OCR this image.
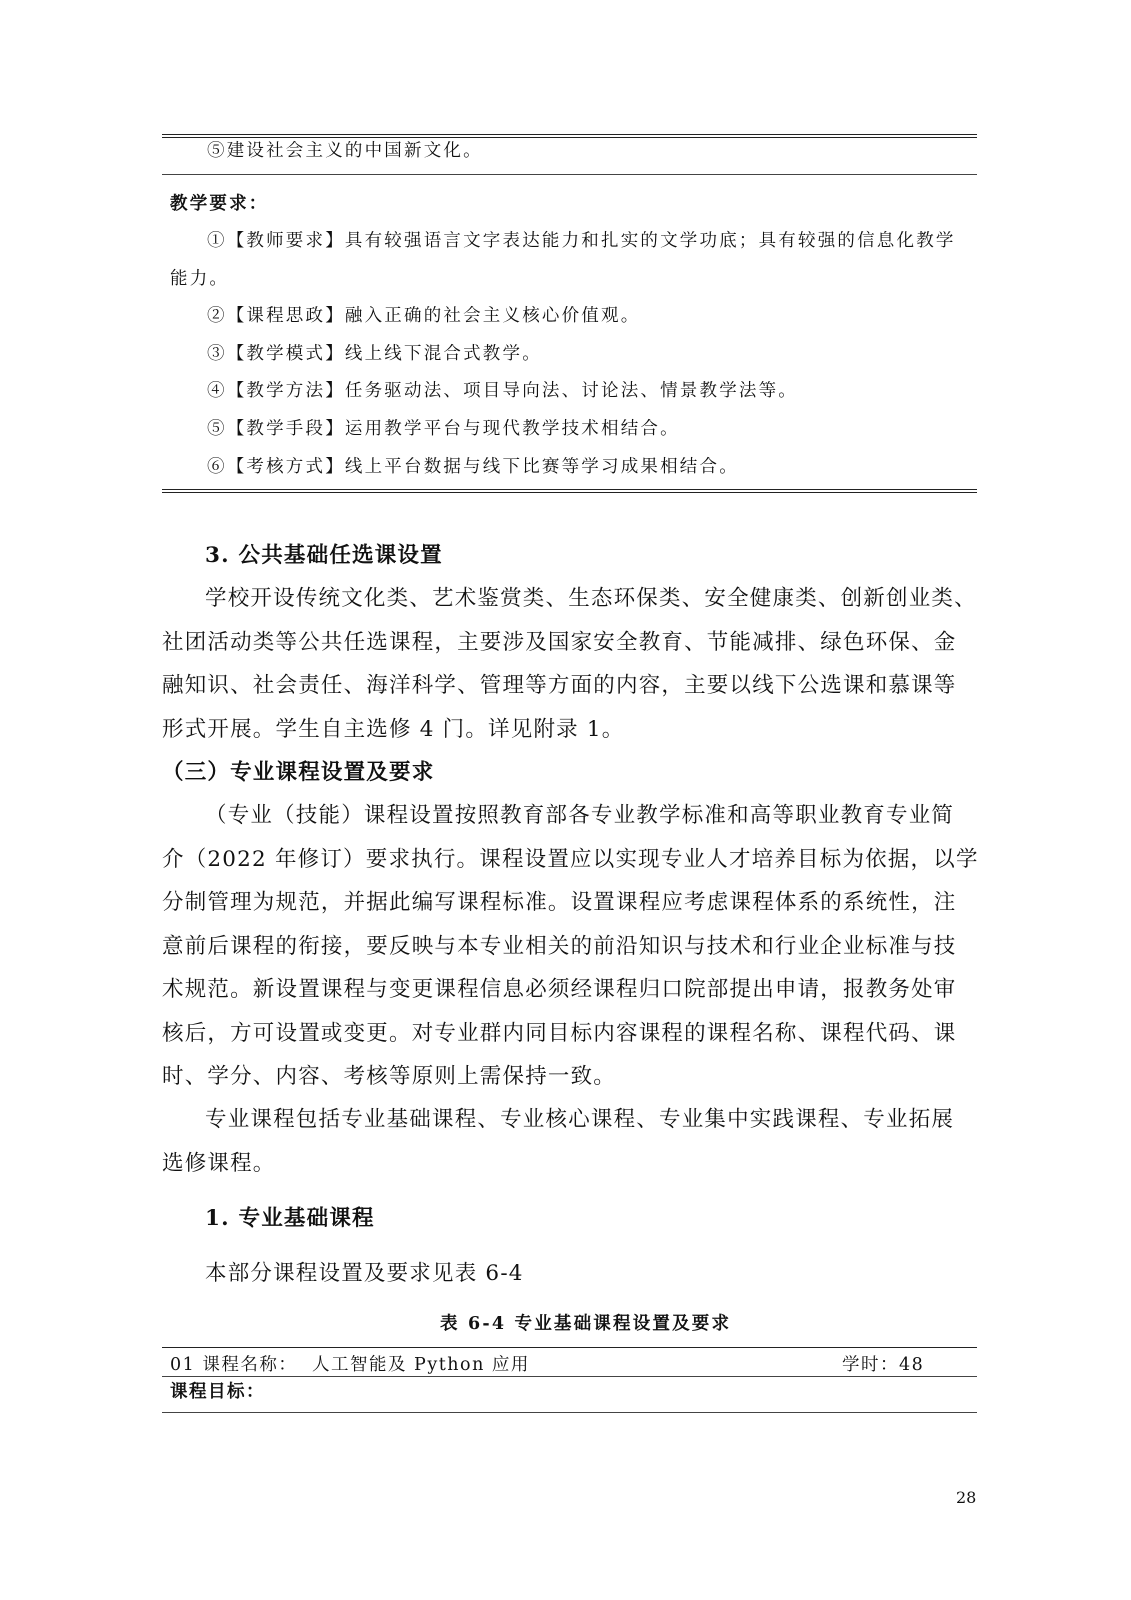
⑤建设社会主义的中国新文化。
教学要求：
①【教师要求】具有较强语言文字表达能力和扎实的文学功底；具有较强的信息化教学
能力。
②【课程思政】融入正确的社会主义核心价值观。
③【教学模式】线上线下混合式教学。
④【教学方法】任务驱动法、项目导向法、讨论法、情景教学法等。
⑤【教学手段】运用教学平台与现代教学技术相结合。
⑥【考核方式】线上平台数据与线下比赛等学习成果相结合。
3. 公共基础任选课设置
学校开设传统文化类、艺术鉴赏类、生态环保类、安全健康类、创新创业类、
社团活动类等公共任选课程，主要涉及国家安全教育、节能减排、绿色环保、金
融知识、社会责任、海洋科学、管理等方面的内容，主要以线下公选课和慕课等
形式开展。学生自主选修 4 门。详见附录 1。
（三）专业课程设置及要求
（专业（技能）课程设置按照教育部各专业教学标准和高等职业教育专业简
介（2022 年修订）要求执行。课程设置应以实现专业人才培养目标为依据，以学
分制管理为规范，并据此编写课程标准。设置课程应考虑课程体系的系统性，注
意前后课程的衔接，要反映与本专业相关的前沿知识与技术和行业企业标准与技
术规范。新设置课程与变更课程信息必须经课程归口院部提出申请，报教务处审
核后，方可设置或变更。对专业群内同目标内容课程的课程名称、课程代码、课
时、学分、内容、考核等原则上需保持一致。
专业课程包括专业基础课程、专业核心课程、专业集中实践课程、专业拓展
选修课程。
1. 专业基础课程
本部分课程设置及要求见表 6-4
表 6-4 专业基础课程设置及要求
01 课程名称： 人工智能及 Python 应用	学时：48
课程目标：
28
